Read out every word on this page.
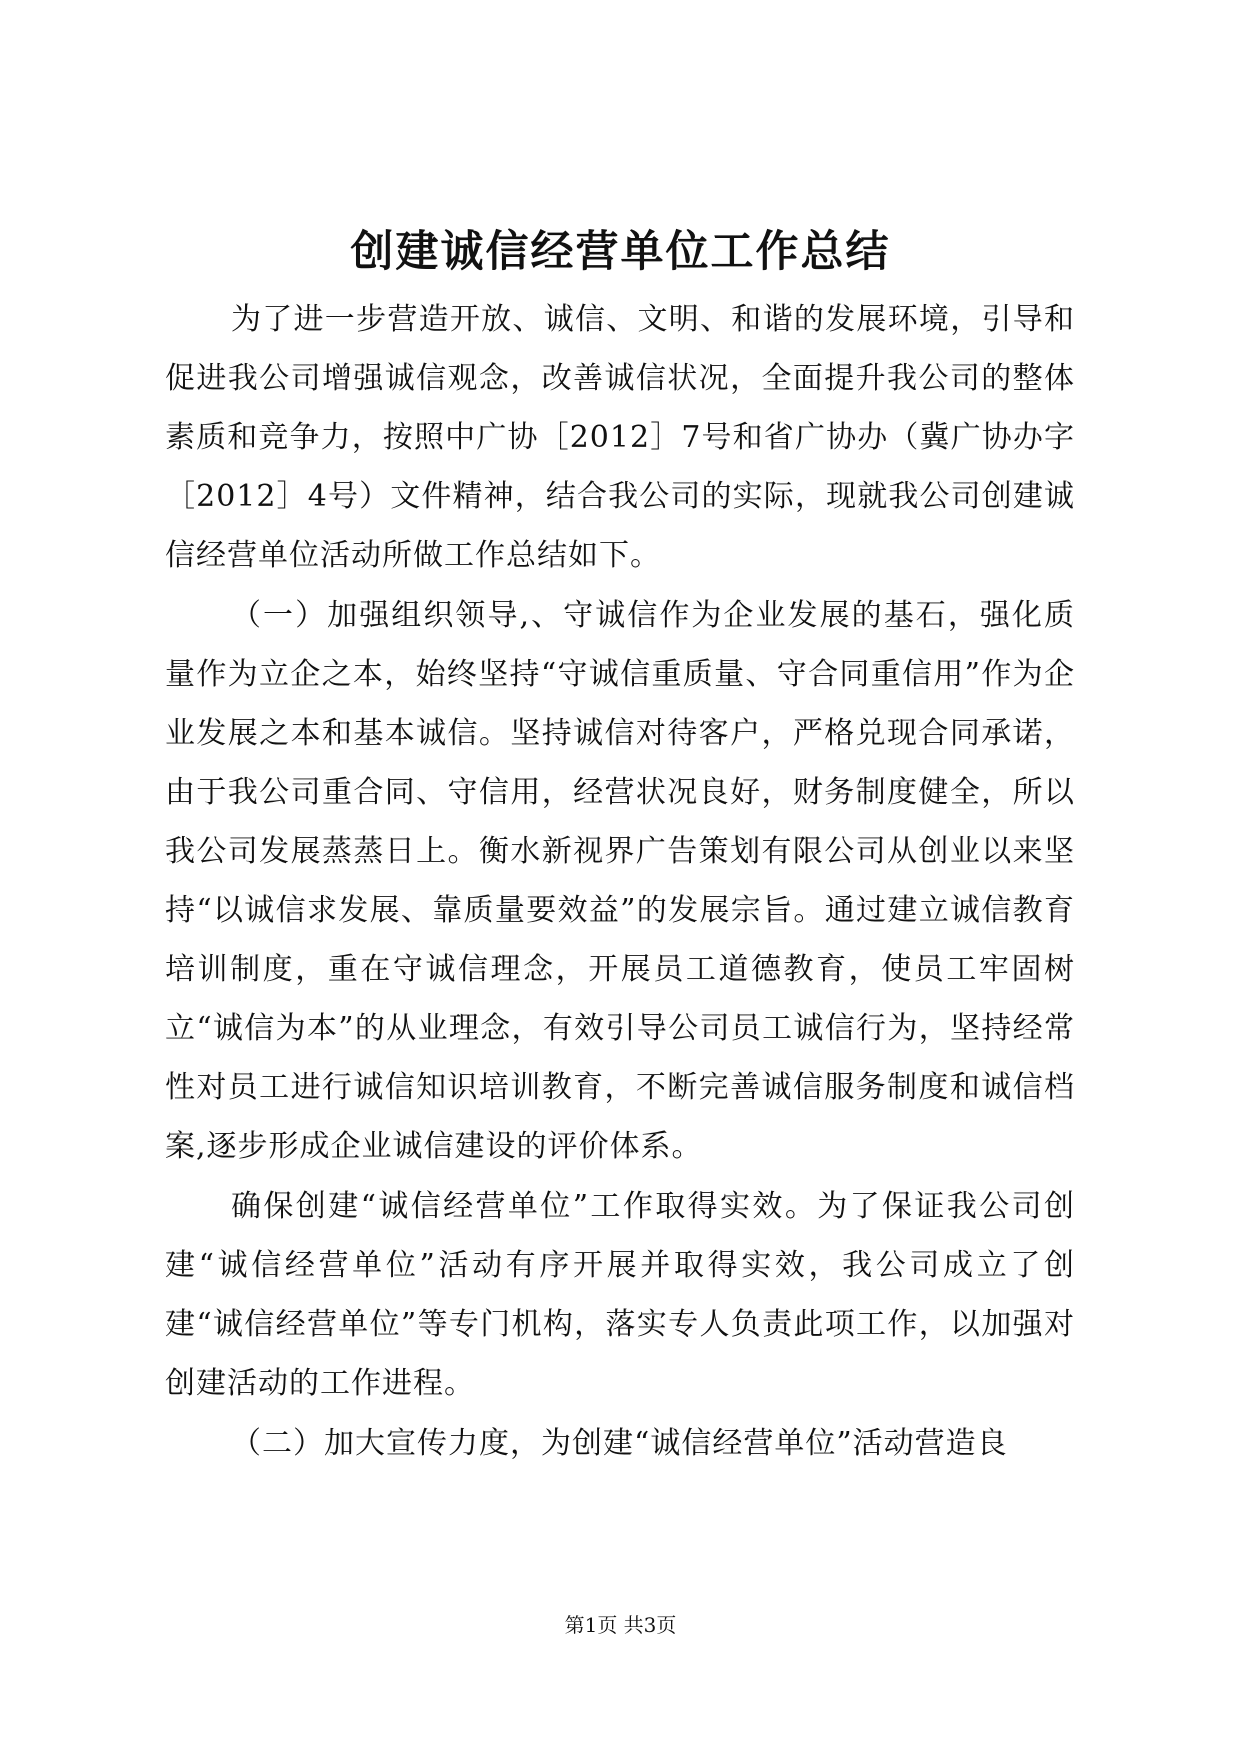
创建诚信经营单位工作总结

为了进一步营造开放、诚信、文明、和谐的发展环境，引导和促进我公司增强诚信观念，改善诚信状况，全面提升我公司的整体素质和竞争力，按照中广协［2012］7号和省广协办（冀广协办字［2012］4号）文件精神，结合我公司的实际，现就我公司创建诚信经营单位活动所做工作总结如下。

（一）加强组织领导,、守诚信作为企业发展的基石，强化质量作为立企之本，始终坚持“守诚信重质量、守合同重信用”作为企业发展之本和基本诚信。坚持诚信对待客户，严格兑现合同承诺，由于我公司重合同、守信用，经营状况良好，财务制度健全，所以我公司发展蒸蒸日上。衡水新视界广告策划有限公司从创业以来坚持“以诚信求发展、靠质量要效益”的发展宗旨。通过建立诚信教育培训制度，重在守诚信理念，开展员工道德教育，使员工牢固树立“诚信为本”的从业理念，有效引导公司员工诚信行为，坚持经常性对员工进行诚信知识培训教育，不断完善诚信服务制度和诚信档案,逐步形成企业诚信建设的评价体系。

确保创建“诚信经营单位”工作取得实效。为了保证我公司创建“诚信经营单位”活动有序开展并取得实效，我公司成立了创建“诚信经营单位”等专门机构，落实专人负责此项工作，以加强对创建活动的工作进程。

（二）加大宣传力度，为创建“诚信经营单位”活动营造良

第1页 共3页
